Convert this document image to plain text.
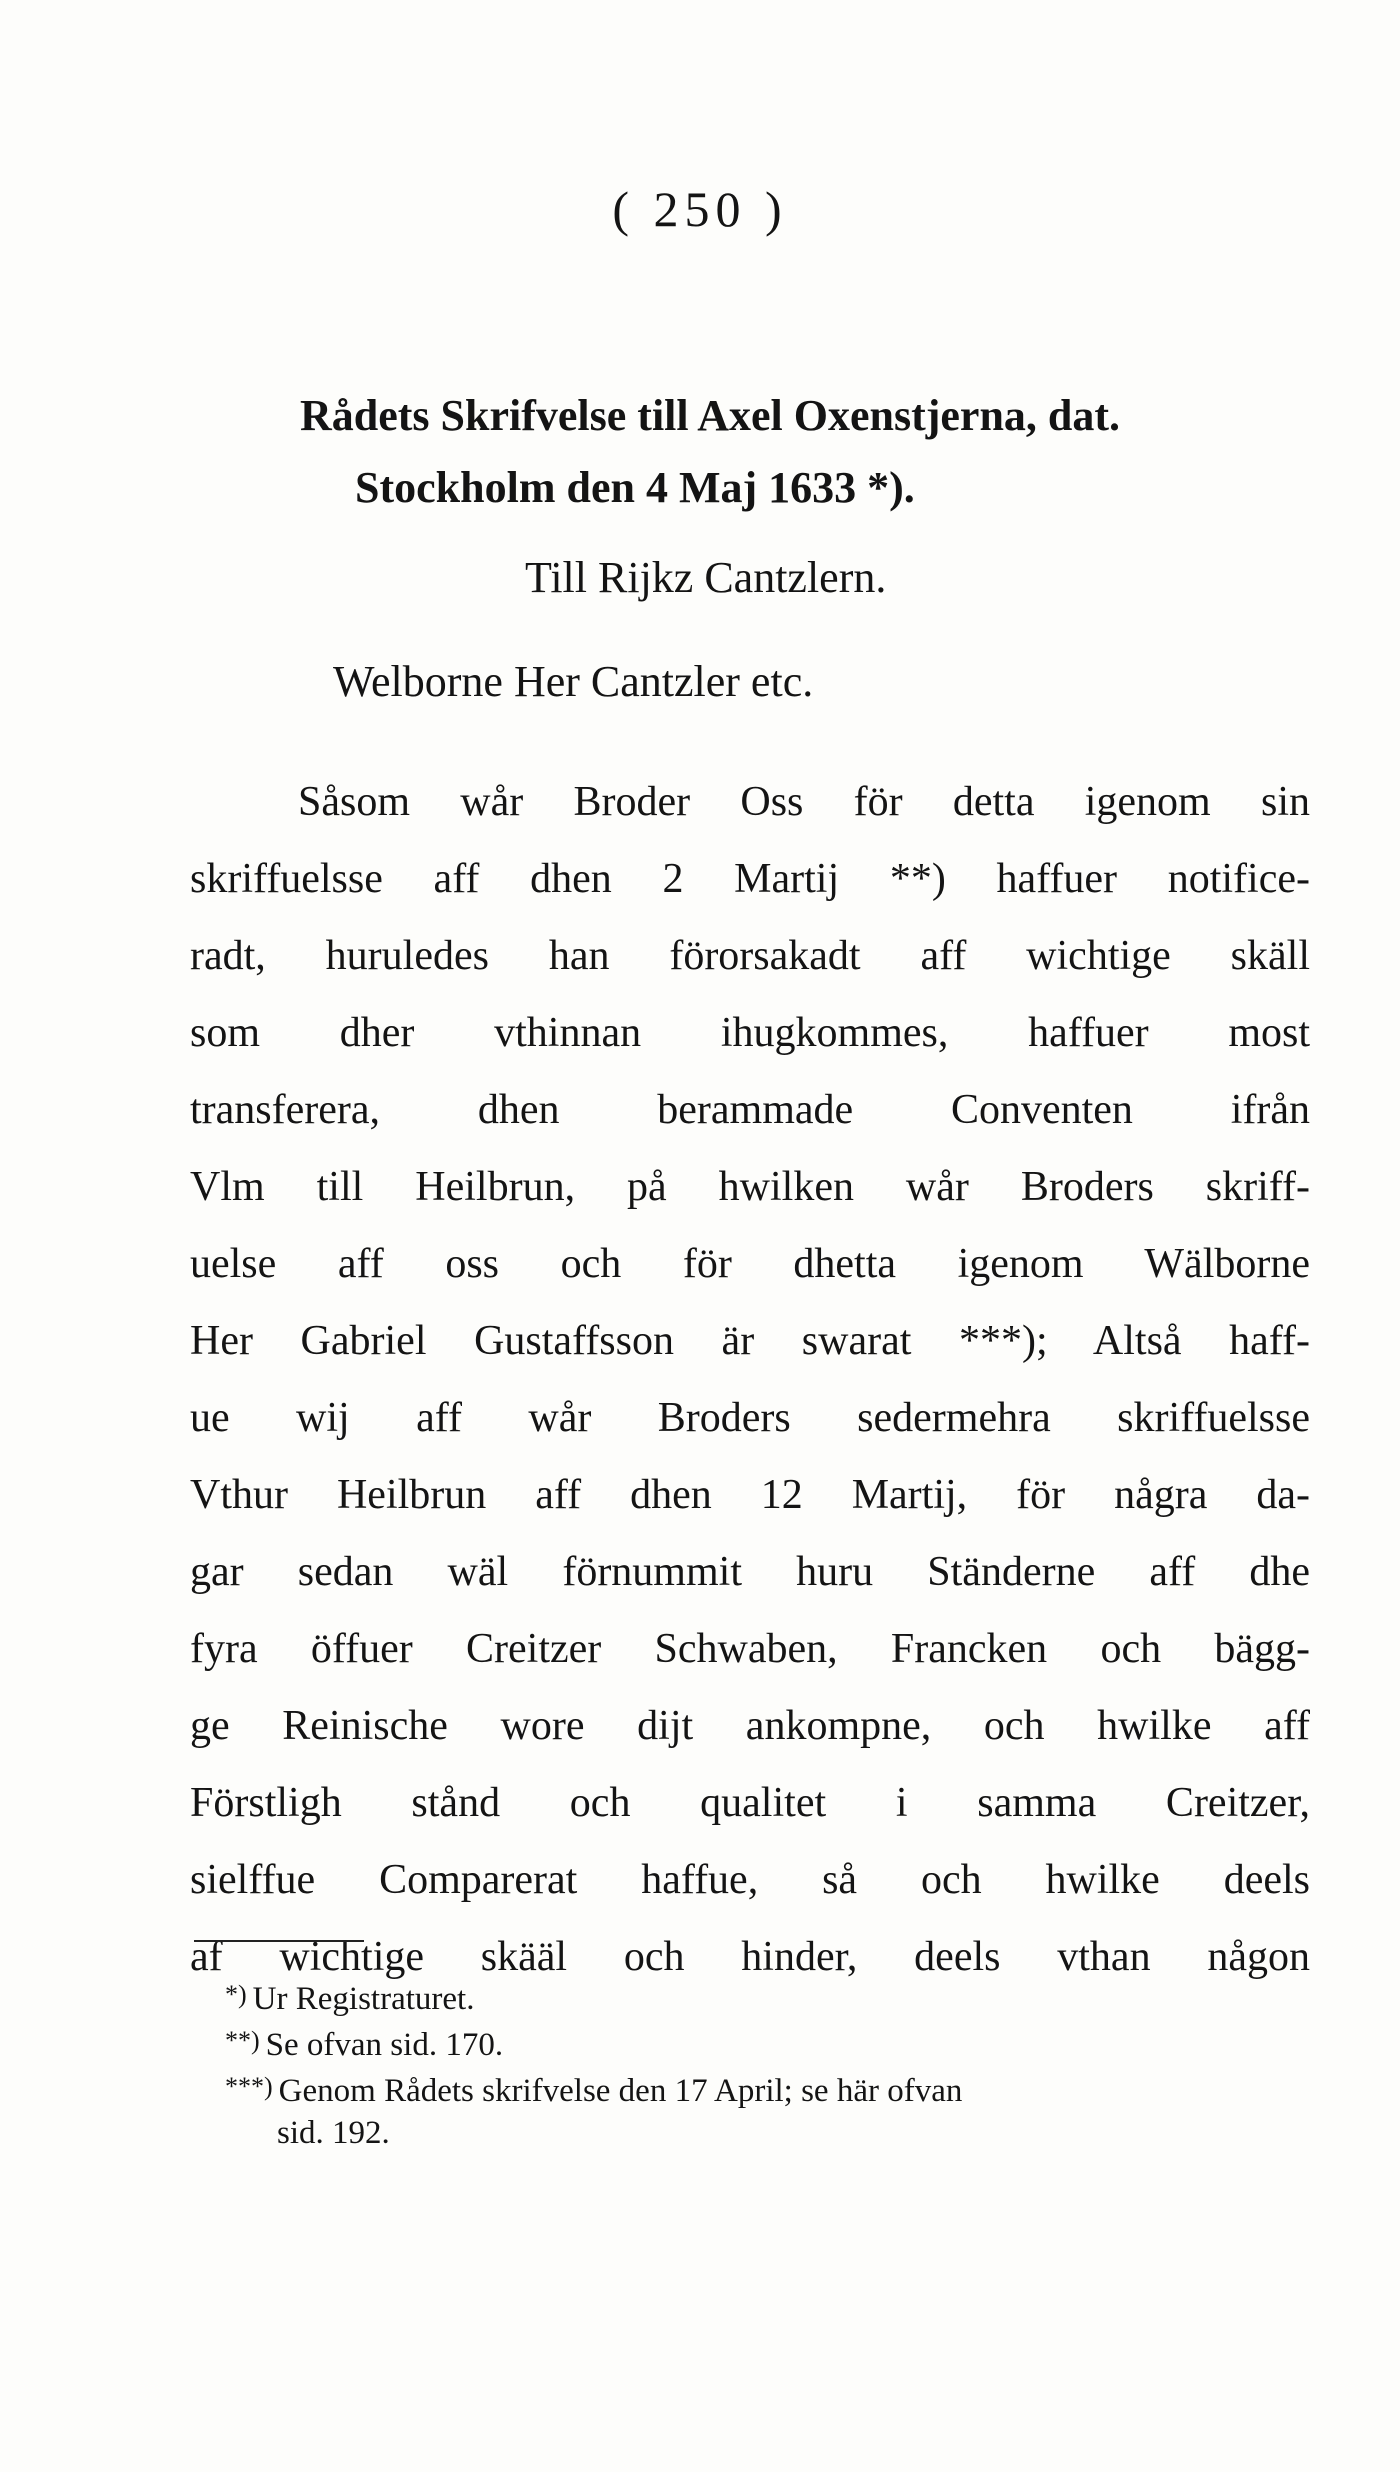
( 250 )
Rådets Skrifvelse till Axel Oxenstjerna, dat.
Stockholm den 4 Maj 1633 *).
Till Rijkz Cantzlern.
Welborne Her Cantzler etc.
Såsom wår Broder Oss för detta igenom sin
skriffuelsse aff dhen 2 Martij **) haffuer notifice-
radt, huruledes han förorsakadt aff wichtige skäll
som dher vthinnan ihugkommes, haffuer most
transferera, dhen berammade Conventen ifrån
Vlm till Heilbrun, på hwilken wår Broders skriff-
uelse aff oss och för dhetta igenom Wälborne
Her Gabriel Gustaffsson är swarat ***); Altså haff-
ue wij aff wår Broders sedermehra skriffuelsse
Vthur Heilbrun aff dhen 12 Martij, för några da-
gar sedan wäl förnummit huru Ständerne aff dhe
fyra öffuer Creitzer Schwaben, Francken och bägg-
ge Reinische wore dijt ankompne, och hwilke aff
Förstligh stånd och qualitet i samma Creitzer,
sielffue Comparerat haffue, så och hwilke deels
af wichtige skääl och hinder, deels vthan någon
*) Ur Registraturet.
**) Se ofvan sid. 170.
***) Genom Rådets skrifvelse den 17 April; se här ofvan
sid. 192.
